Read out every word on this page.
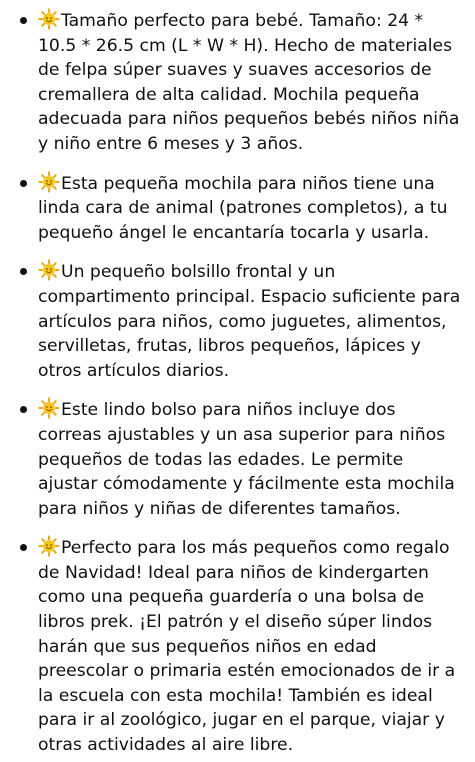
Tamaño perfecto para bebé. Tamaño: 24 * 10.5 * 26.5 cm (L * W * H). Hecho de materiales de felpa súper suaves y suaves accesorios de cremallera de alta calidad. Mochila pequeña adecuada para niños pequeños bebés niños niña y niño entre 6 meses y 3 años.
Esta pequeña mochila para niños tiene una linda cara de animal (patrones completos), a tu pequeño ángel le encantaría tocarla y usarla.
Un pequeño bolsillo frontal y un compartimento principal. Espacio suficiente para artículos para niños, como juguetes, alimentos, servilletas, frutas, libros pequeños, lápices y otros artículos diarios.
Este lindo bolso para niños incluye dos correas ajustables y un asa superior para niños pequeños de todas las edades. Le permite ajustar cómodamente y fácilmente esta mochila para niños y niñas de diferentes tamaños.
Perfecto para los más pequeños como regalo de Navidad! Ideal para niños de kindergarten como una pequeña guardería o una bolsa de libros prek. ¡El patrón y el diseño súper lindos harán que sus pequeños niños en edad preescolar o primaria estén emocionados de ir a la escuela con esta mochila! También es ideal para ir al zoológico, jugar en el parque, viajar y otras actividades al aire libre.
